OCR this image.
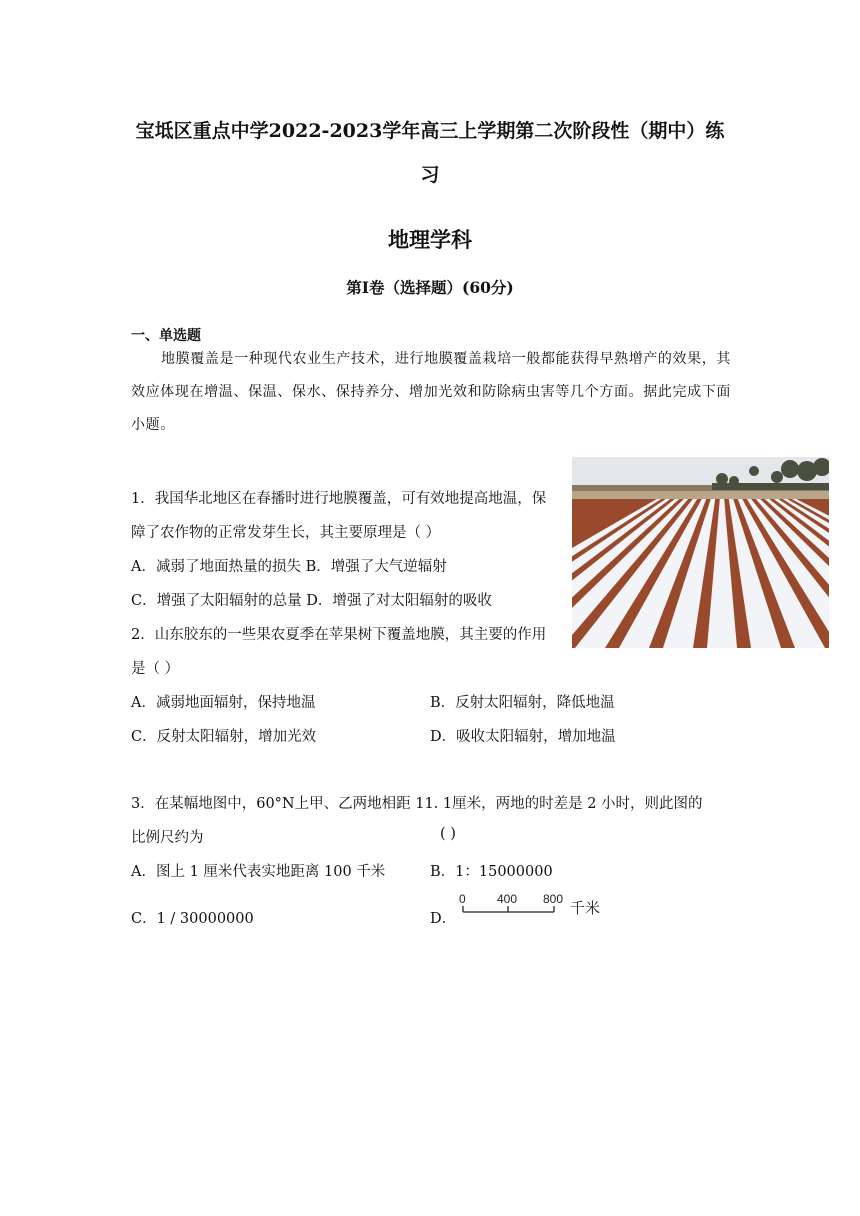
宝坻区重点中学2022-2023学年高三上学期第二次阶段性（期中）练
习
地理学科
第Ⅰ卷（选择题）(60分)
一、单选题
地膜覆盖是一种现代农业生产技术，进行地膜覆盖栽培一般都能获得早熟增产的效果，其效应体现在增温、保温、保水、保持养分、增加光效和防除病虫害等几个方面。据此完成下面小题。
1．我国华北地区在春播时进行地膜覆盖，可有效地提高地温，保
障了农作物的正常发芽生长，其主要原理是（ ）
A．减弱了地面热量的损失 B．增强了大气逆辐射
C．增强了太阳辐射的总量 D．增强了对太阳辐射的吸收
2．山东胶东的一些果农夏季在苹果树下覆盖地膜，其主要的作用
是（ ）
A．减弱地面辐射，保持地温	B．反射太阳辐射，降低地温
C．反射太阳辐射，增加光效	D．吸收太阳辐射，增加地温
3．在某幅地图中，60°N上甲、乙两地相距 11. 1厘米，两地的时差是 2 小时，则此图的
比例尺约为	( )
A．图上 1 厘米代表实地距离 100 千米	B．1：15000000
C．1 / 30000000	D．
0	400 800 千米
